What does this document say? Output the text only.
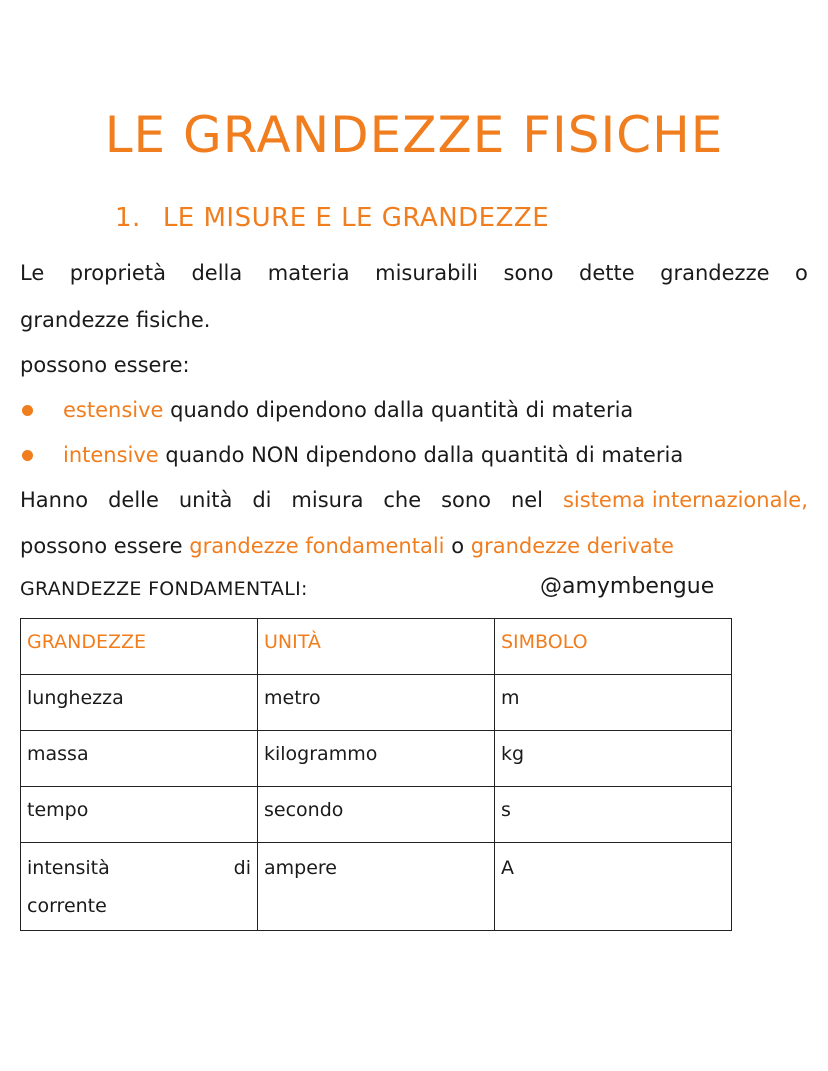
LE GRANDEZZE FISICHE
1. LE MISURE E LE GRANDEZZE

Le proprietà della materia misurabili sono dette grandezze o

grandezze fisiche.

possono essere:

estensive quando dipendono dalla quantità di materia

intensive quando NON dipendono dalla quantità di materia

Hanno delle unità di misura che sono nel sistema internazionale,

possono essere grandezze fondamentali o grandezze derivate

GRANDEZZE FONDAMENTALI:	@amymbengue

GRANDEZZE	UNITÀ	SIMBOLO
lunghezza	metro	m
massa	kilogrammo	kg
tempo	secondo	s

intensità di
corrente	ampere	A
